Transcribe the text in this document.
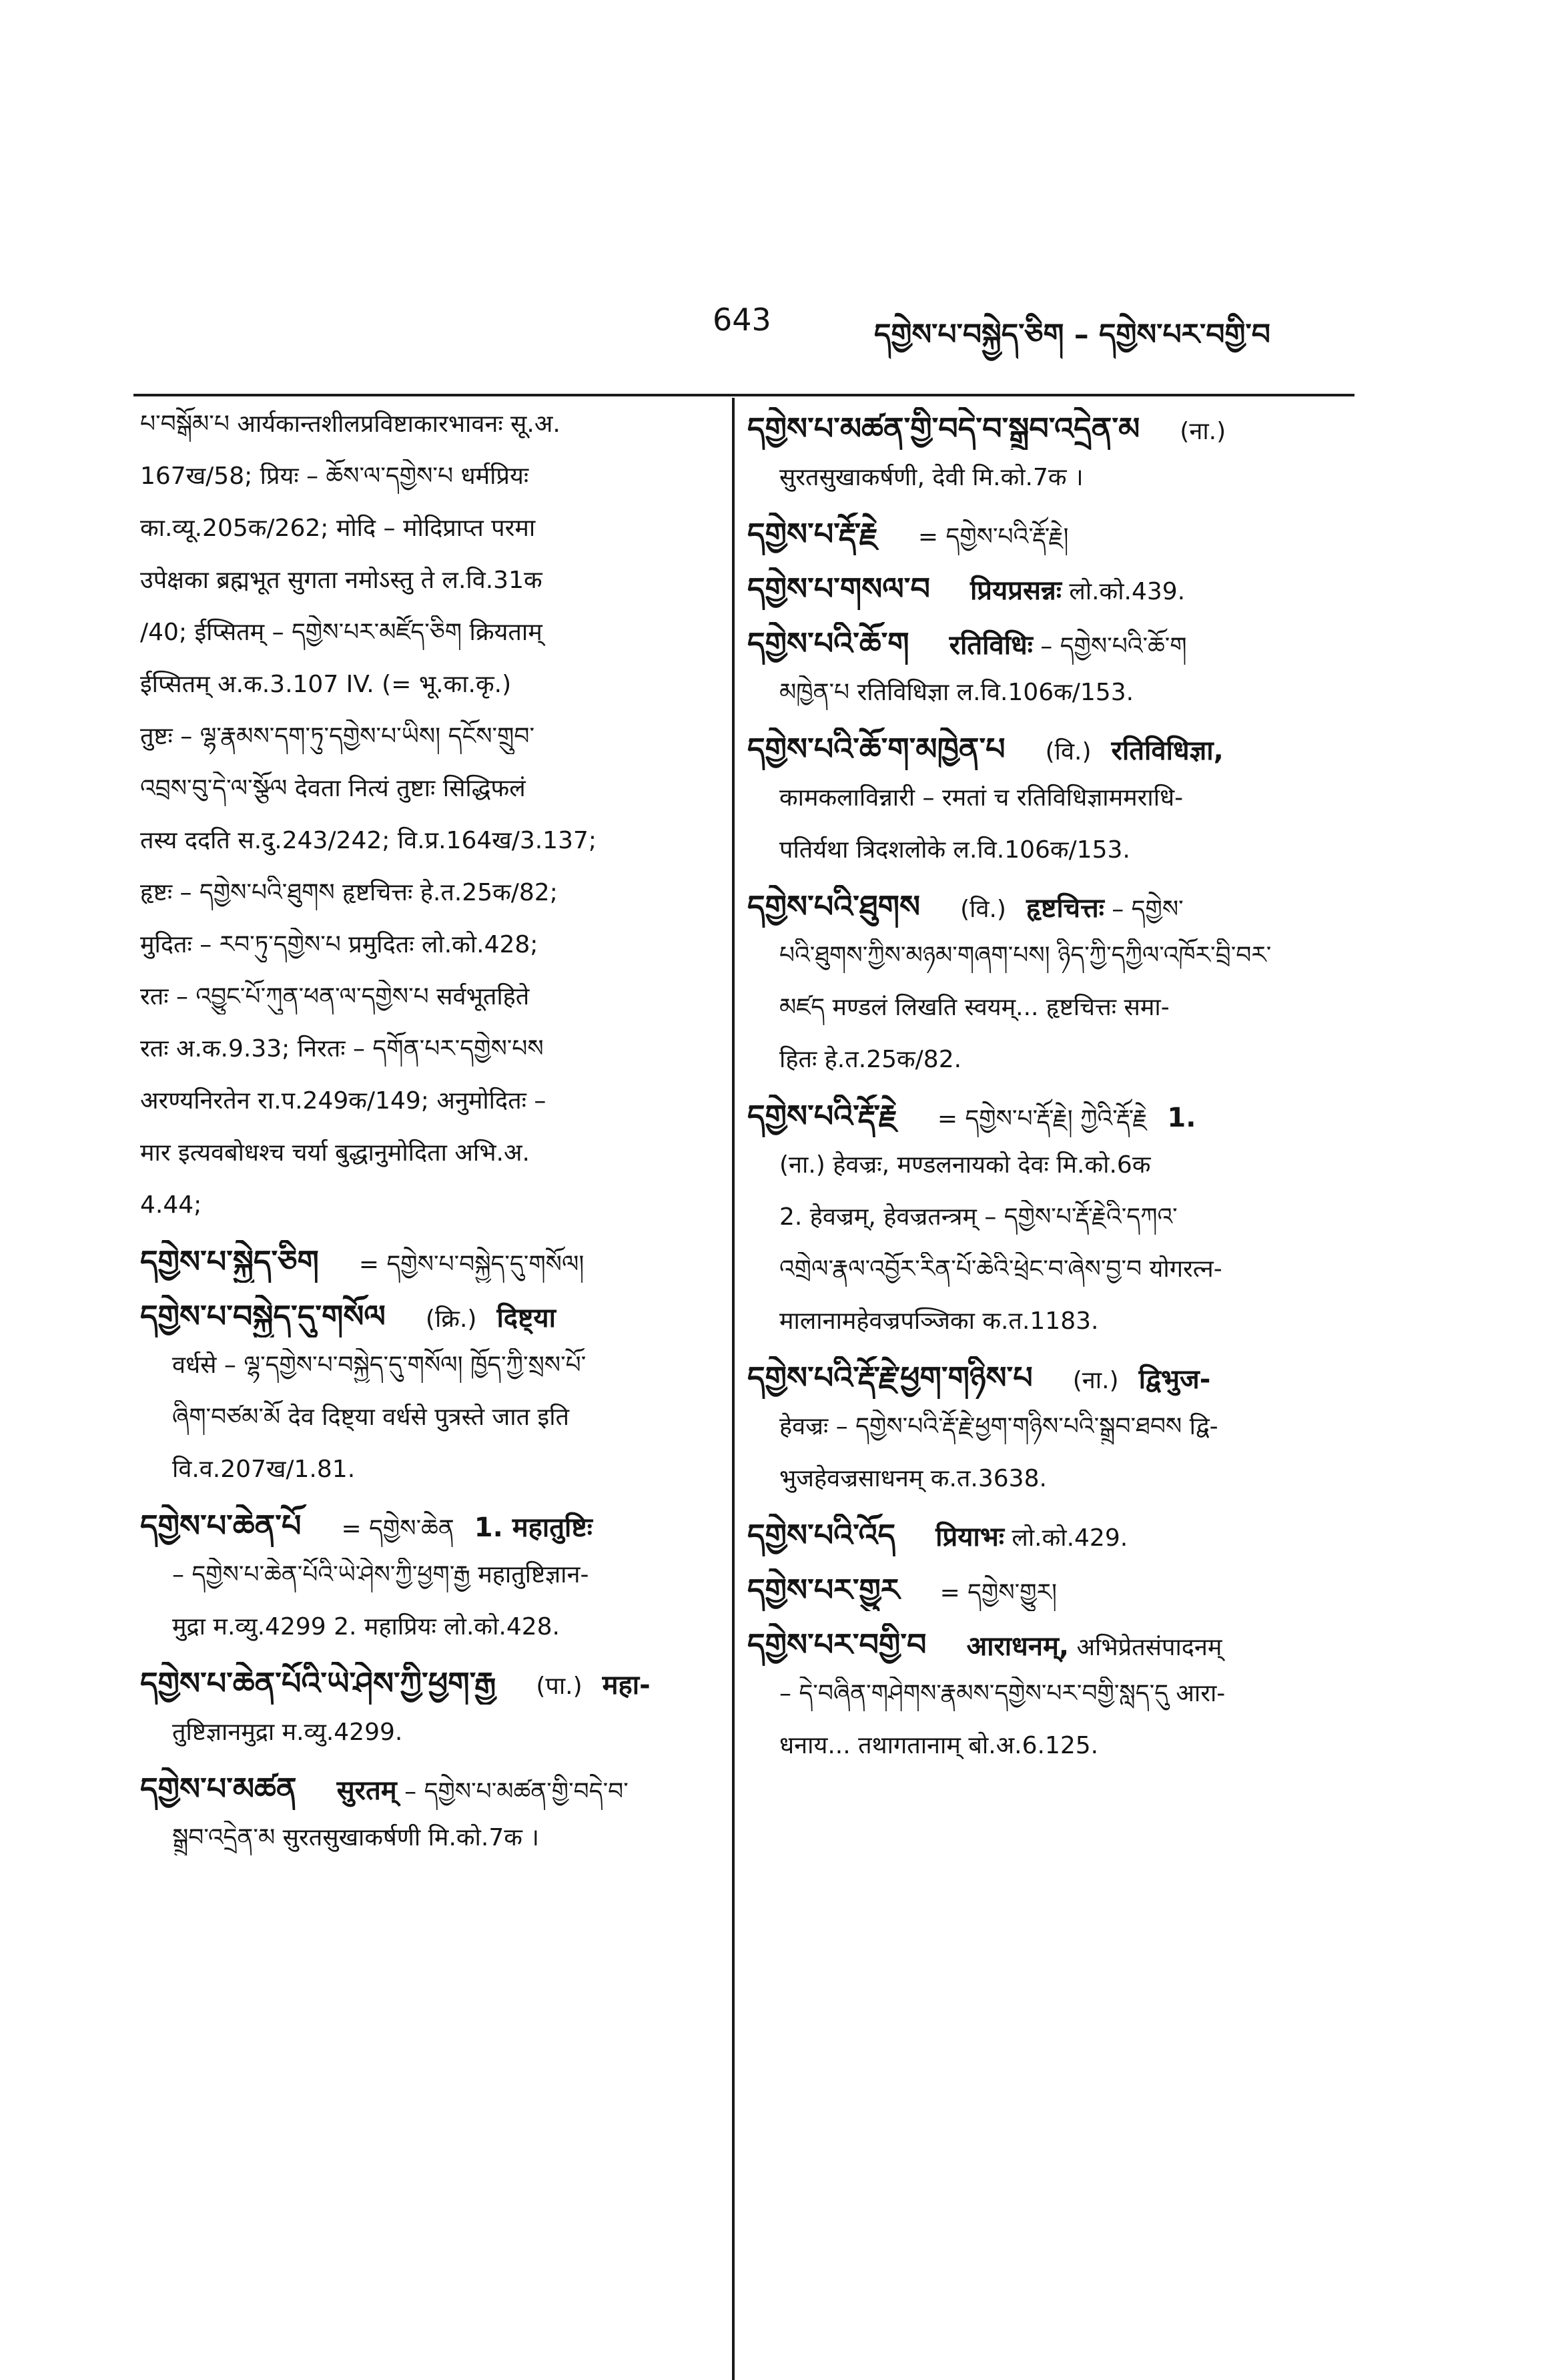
643	དགྱེས་པ་བསྐྱེད་ཅིག – དགྱེས་པར་བགྱི་བ
པ་བསྒོམ་པ आर्यकान्तशीलप्रविष्टाकारभावनः सू.अ.
167ख/58; प्रियः – ཆོས་ལ་དགྱེས་པ धर्मप्रियः
का.व्यू.205क/262; मोदि – मोदिप्राप्त परमा
उपेक्षका ब्रह्मभूत सुगता नमोऽस्तु ते ल.वि.31क
/40; ईप्सितम् – དགྱེས་པར་མཛོད་ཅིག क्रियताम्
ईप्सितम् अ.क.3.107 IV. (= भू.का.कृ.)
तुष्टः – ལྷ་རྣམས་དག་ཏུ་དགྱེས་པ་ཡིས། དངོས་གྲུབ་
འབྲས་བུ་དེ་ལ་སྩོལ देवता नित्यं तुष्टाः सिद्धिफलं
तस्य ददति स.दु.243/242; वि.प्र.164ख/3.137;
हृष्टः – དགྱེས་པའི་ཐུགས हृष्टचित्तः हे.त.25क/82;
मुदितः – རབ་ཏུ་དགྱེས་པ प्रमुदितः लो.को.428;
रतः – འབྱུང་པོ་ཀུན་ཕན་ལ་དགྱེས་པ सर्वभूतहिते
रतः अ.क.9.33; निरतः – དགོན་པར་དགྱེས་པས
अरण्यनिरतेन रा.प.249क/149; अनुमोदितः –
मार इत्यवबोधश्च चर्या बुद्धानुमोदिता अभि.अ.
4.44;
དགྱེས་པ་སྐྱེད་ཅིག = དགྱེས་པ་བསྐྱེད་དུ་གསོལ།
དགྱེས་པ་བསྐྱེད་དུ་གསོལ (क्रि.) दिष्ट्या
वर्धसे – ལྷ་དགྱེས་པ་བསྐྱེད་དུ་གསོལ། ཁྱོད་ཀྱི་སྲས་པོ་
ཞིག་བཙམ་མོ देव दिष्ट्या वर्धसे पुत्रस्ते जात इति
वि.व.207ख/1.81.
དགྱེས་པ་ཆེན་པོ = དགྱེས་ཆེན 1. महातुष्टिः
– དགྱེས་པ་ཆེན་པོའི་ཡེ་ཤེས་ཀྱི་ཕྱག་རྒྱ महातुष्टिज्ञान-
मुद्रा म.व्यु.4299 2. महाप्रियः लो.को.428.
དགྱེས་པ་ཆེན་པོའི་ཡེ་ཤེས་ཀྱི་ཕྱག་རྒྱ (पा.) महा-
तुष्टिज्ञानमुद्रा म.व्यु.4299.
དགྱེས་པ་མཚན सुरतम् – དགྱེས་པ་མཚན་གྱི་བདེ་བ་
སྒྲུབ་འདྲེན་མ सुरतसुखाकर्षणी मि.को.7क ।
དགྱེས་པ་མཚན་གྱི་བདེ་བ་སྒྲུབ་འདྲེན་མ (ना.)
सुरतसुखाकर्षणी, देवी मि.को.7क ।
དགྱེས་པ་རྡོ་རྗེ = དགྱེས་པའི་རྡོ་རྗེ།
དགྱེས་པ་གསལ་བ प्रियप्रसन्नः लो.को.439.
དགྱེས་པའི་ཆོ་ག रतिविधिः – དགྱེས་པའི་ཆོ་ག
མཁྱེན་པ रतिविधिज्ञा ल.वि.106क/153.
དགྱེས་པའི་ཆོ་ག་མཁྱེན་པ (वि.) रतिविधिज्ञा,
कामकलाविन्नारी – रमतां च रतिविधिज्ञाममराधि-
पतिर्यथा त्रिदशलोके ल.वि.106क/153.
དགྱེས་པའི་ཐུགས (वि.) हृष्टचित्तः – དགྱེས་
པའི་ཐུགས་ཀྱིས་མཉམ་གཞག་པས། ཉིད་ཀྱི་དཀྱིལ་འཁོར་བྲི་བར་
མཛད मण्डलं लिखति स्वयम्... हृष्टचित्तः समा-
हितः हे.त.25क/82.
དགྱེས་པའི་རྡོ་རྗེ = དགྱེས་པ་རྡོ་རྗེ། ཀྱེའི་རྡོ་རྗེ 1.
(ना.) हेवज्रः, मण्डलनायको देवः मि.को.6क
2. हेवज्रम्, हेवज्रतन्त्रम् – དགྱེས་པ་རྡོ་རྗེའི་དཀའ་
འགྲེལ་རྣལ་འབྱོར་རིན་པོ་ཆེའི་ཕྲེང་བ་ཞེས་བྱ་བ योगरत्न-
मालानामहेवज्रपञ्जिका क.त.1183.
དགྱེས་པའི་རྡོ་རྗེ་ཕྱག་གཉིས་པ (ना.) द्विभुज-
हेवज्रः – དགྱེས་པའི་རྡོ་རྗེ་ཕྱག་གཉིས་པའི་སྒྲུབ་ཐབས द्वि-
भुजहेवज्रसाधनम् क.त.3638.
དགྱེས་པའི་འོད प्रियाभः लो.को.429.
དགྱེས་པར་གྱུར = དགྱེས་གྱུར།
དགྱེས་པར་བགྱི་བ आराधनम्, अभिप्रेतसंपादनम्
– དེ་བཞིན་གཤེགས་རྣམས་དགྱེས་པར་བགྱི་སླད་དུ आरा-
धनाय... तथागतानाम् बो.अ.6.125.
